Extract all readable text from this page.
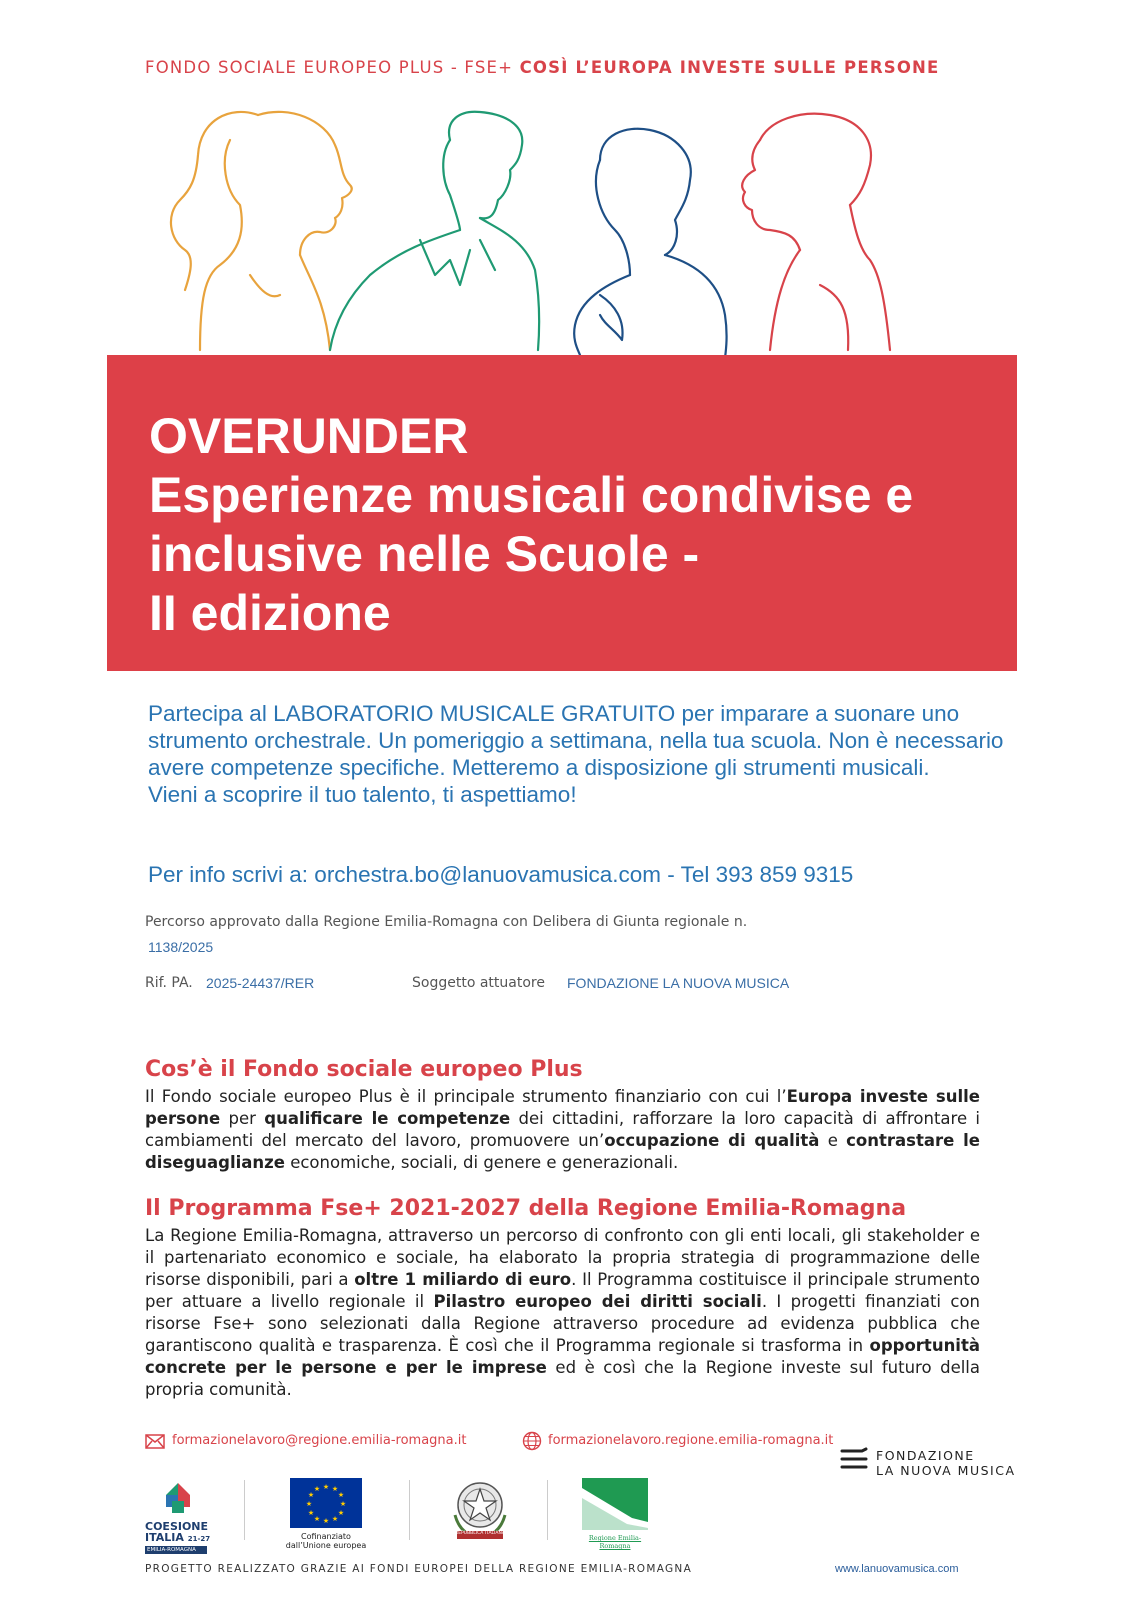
FONDO SOCIALE EUROPEO PLUS - FSE+ COSÌ L’EUROPA INVESTE SULLE PERSONE
OVERUNDER
Esperienze musicali condivise e
inclusive nelle Scuole -
II edizione
Partecipa al LABORATORIO MUSICALE GRATUITO per imparare a suonare uno strumento orchestrale. Un pomeriggio a settimana, nella tua scuola. Non è necessario avere competenze specifiche. Metteremo a disposizione gli strumenti musicali.
Vieni a scoprire il tuo talento, ti aspettiamo!
Per info scrivi a: orchestra.bo@lanuovamusica.com - Tel 393 859 9315
Percorso approvato dalla Regione Emilia-Romagna con Delibera di Giunta regionale n.
1138/2025
Rif. PA. 2025-24437/RER	Soggetto attuatore FONDAZIONE LA NUOVA MUSICA
Cos’è il Fondo sociale europeo Plus
Il Fondo sociale europeo Plus è il principale strumento finanziario con cui l’Europa investe sulle persone per qualificare le competenze dei cittadini, rafforzare la loro capacità di affrontare i cambiamenti del mercato del lavoro, promuovere un’occupazione di qualità e contrastare le diseguaglianze economiche, sociali, di genere e generazionali.
Il Programma Fse+ 2021-2027 della Regione Emilia-Romagna
La Regione Emilia-Romagna, attraverso un percorso di confronto con gli enti locali, gli stakeholder e il partenariato economico e sociale, ha elaborato la propria strategia di programmazione delle risorse disponibili, pari a oltre 1 miliardo di euro. Il Programma costituisce il principale strumento per attuare a livello regionale il Pilastro europeo dei diritti sociali. I progetti finanziati con risorse Fse+ sono selezionati dalla Regione attraverso procedure ad evidenza pubblica che garantiscono qualità e trasparenza. È così che il Programma regionale si trasforma in opportunità concrete per le persone e per le imprese ed è così che la Regione investe sul futuro della propria comunità.
formazionelavoro@regione.emilia-romagna.it	formazionelavoro.regione.emilia-romagna.it
FONDAZIONE
LA NUOVA MUSICA
COESIONE
ITALIA 21-27
EMILIA-ROMAGNA
★ ★
★
★
★
★
★
★
★
★
★
★
Cofinanziato
dall’Unione europea
REPUBBLICA ITALIANA
Regione Emilia-Romagna
PROGETTO REALIZZATO GRAZIE AI FONDI EUROPEI DELLA REGIONE EMILIA-ROMAGNA	www.lanuovamusica.com
